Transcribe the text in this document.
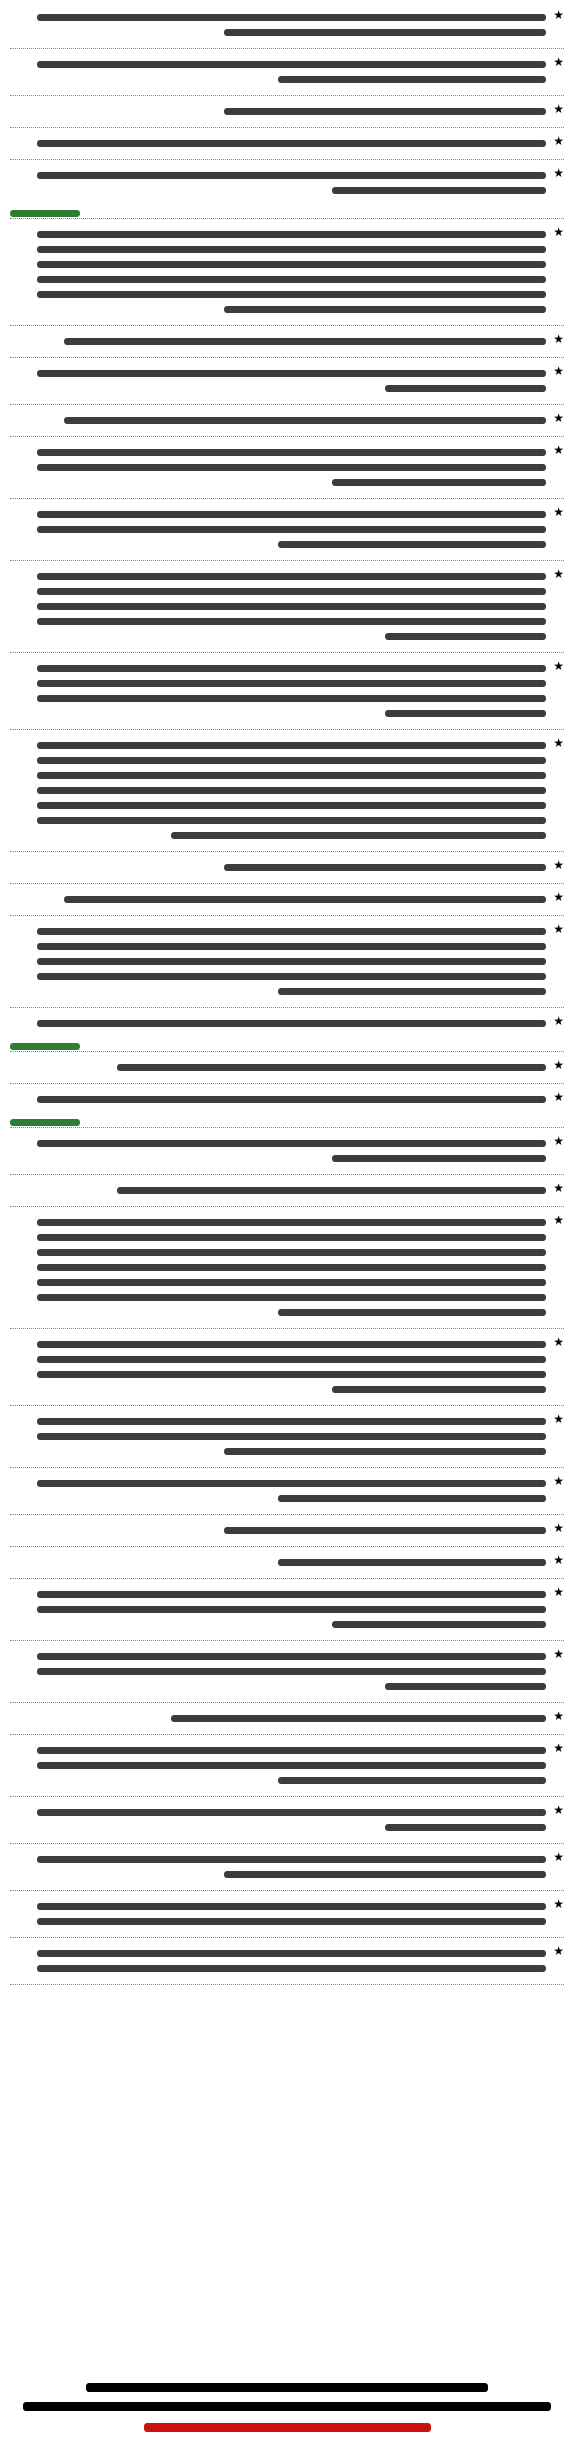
★
★
★
★
★
★
★
★
★
★
★
★
★
★
★
★
★
★
★
★
★
★
★
★
★
★
★
★
★
★
★
★
★
★
★
★
